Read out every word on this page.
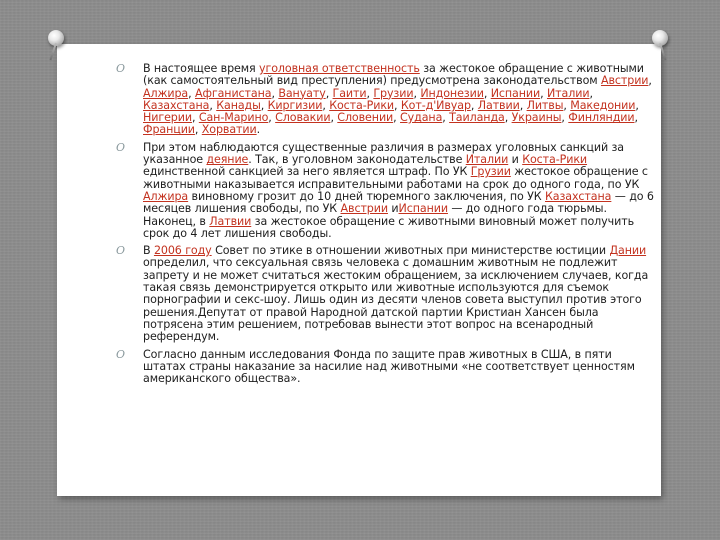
O В настоящее время уголовная ответственность за жестокое обращение с животными (как самостоятельный вид преступления) предусмотрена законодательством Австрии, Алжира, Афганистана, Вануату, Гаити, Грузии, Индонезии, Испании, Италии, Казахстана, Канады, Киргизии, Коста-Рики, Кот-д'Ивуар, Латвии, Литвы, Македонии, Нигерии, Сан-Марино, Словакии, Словении, Судана, Таиланда, Украины, Финляндии, Франции, Хорватии.
O При этом наблюдаются существенные различия в размерах уголовных санкций за указанное деяние. Так, в уголовном законодательстве Италии и Коста-Рики единственной санкцией за него является штраф. По УК Грузии жестокое обращение с животными наказывается исправительными работами на срок до одного года, по УК Алжира виновному грозит до 10 дней тюремного заключения, по УК Казахстана — до 6 месяцев лишения свободы, по УК Австрии иИспании — до одного года тюрьмы. Наконец, в Латвии за жестокое обращение с животными виновный может получить срок до 4 лет лишения свободы.
O В 2006 году Совет по этике в отношении животных при министерстве юстиции Дании определил, что сексуальная связь человека с домашним животным не подлежит запрету и не может считаться жестоким обращением, за исключением случаев, когда такая связь демонстрируется открыто или животные используются для съемок порнографии и секс-шоу. Лишь один из десяти членов совета выступил против этого решения.Депутат от правой Народной датской партии Кристиан Хансен была потрясена этим решением, потребовав вынести этот вопрос на всенародный референдум.
O Согласно данным исследования Фонда по защите прав животных в США, в пяти штатах страны наказание за насилие над животными «не соответствует ценностям американского общества».
